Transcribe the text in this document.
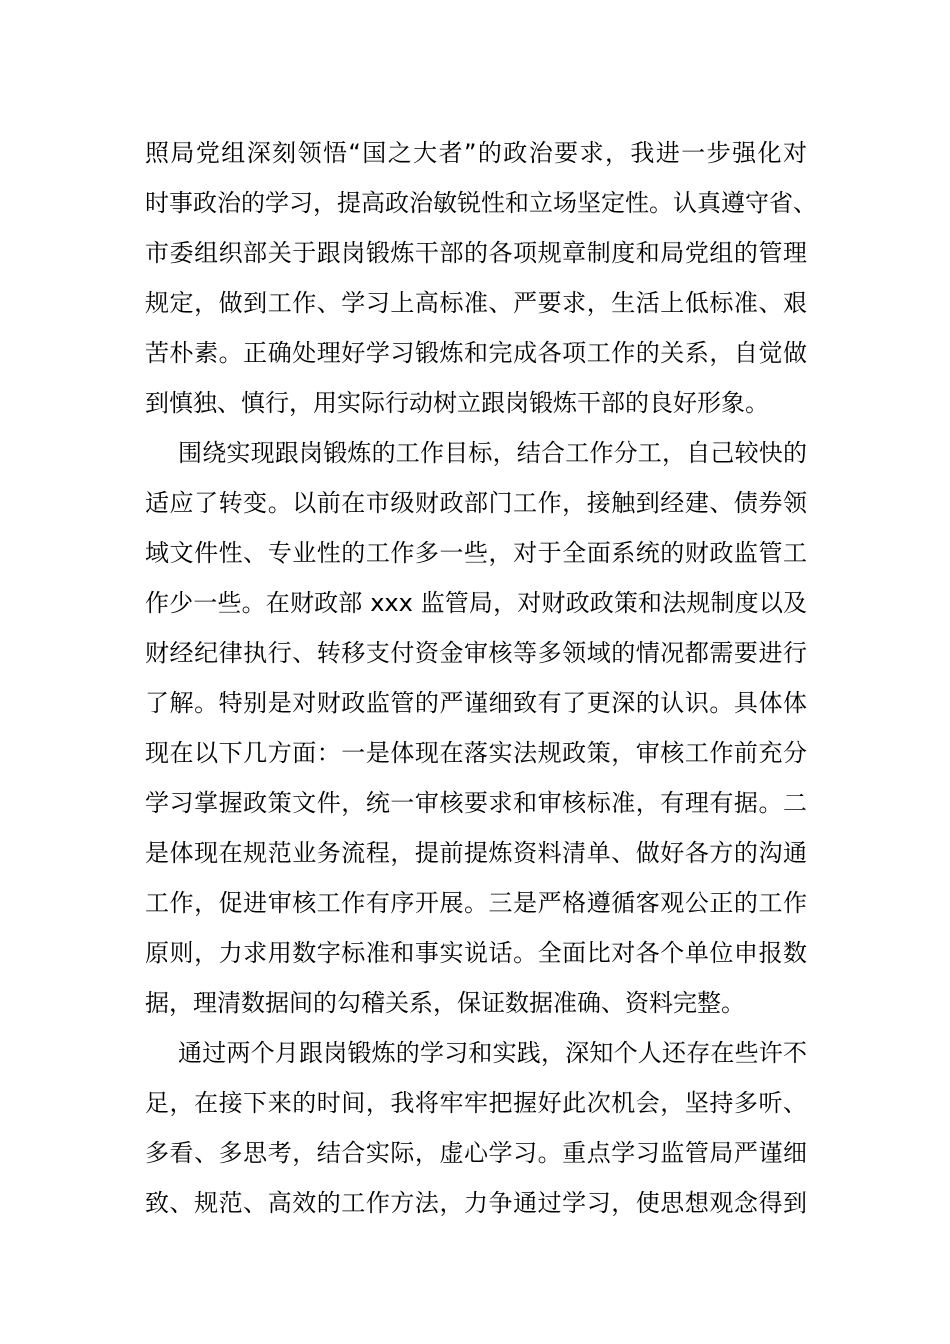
照局党组深刻领悟“国之大者”的政治要求，我进一步强化对
时事政治的学习，提高政治敏锐性和立场坚定性。认真遵守省、
市委组织部关于跟岗锻炼干部的各项规章制度和局党组的管理
规定，做到工作、学习上高标准、严要求，生活上低标准、艰
苦朴素。正确处理好学习锻炼和完成各项工作的关系，自觉做
到慎独、慎行，用实际行动树立跟岗锻炼干部的良好形象。
围绕实现跟岗锻炼的工作目标，结合工作分工，自己较快的
适应了转变。以前在市级财政部门工作，接触到经建、债券领
域文件性、专业性的工作多一些，对于全面系统的财政监管工
作少一些。在财政部 xxx 监管局，对财政政策和法规制度以及
财经纪律执行、转移支付资金审核等多领域的情况都需要进行
了解。特别是对财政监管的严谨细致有了更深的认识。具体体
现在以下几方面：一是体现在落实法规政策，审核工作前充分
学习掌握政策文件，统一审核要求和审核标准，有理有据。二
是体现在规范业务流程，提前提炼资料清单、做好各方的沟通
工作，促进审核工作有序开展。三是严格遵循客观公正的工作
原则，力求用数字标准和事实说话。全面比对各个单位申报数
据，理清数据间的勾稽关系，保证数据准确、资料完整。
通过两个月跟岗锻炼的学习和实践，深知个人还存在些许不
足，在接下来的时间，我将牢牢把握好此次机会，坚持多听、
多看、多思考，结合实际，虚心学习。重点学习监管局严谨细
致、规范、高效的工作方法，力争通过学习，使思想观念得到
